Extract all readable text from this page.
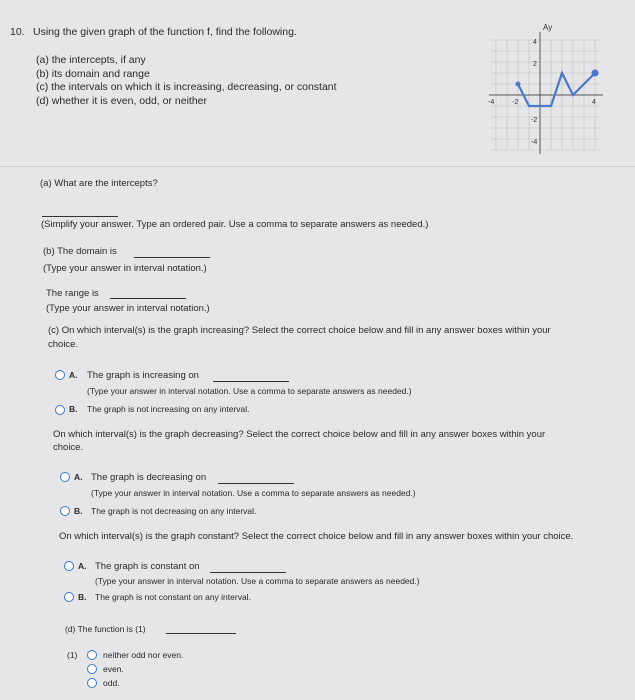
10. Using the given graph of the function f, find the following.
(a) the intercepts, if any
(b) its domain and range
(c) the intervals on which it is increasing, decreasing, or constant
(d) whether it is even, odd, or neither
Ay
4
2
-2
-4
-4	-2	4
(a) What are the intercepts?
(Simplify your answer. Type an ordered pair. Use a comma to separate answers as needed.)
(b) The domain is
(Type your answer in interval notation.)
The range is
(Type your answer in interval notation.)
(c) On which interval(s) is the graph increasing? Select the correct choice below and fill in any answer boxes within your
choice.
A. The graph is increasing on
(Type your answer in interval notation. Use a comma to separate answers as needed.)
B. The graph is not increasing on any interval.
On which interval(s) is the graph decreasing? Select the correct choice below and fill in any answer boxes within your
choice.
A. The graph is decreasing on
(Type your answer in interval notation. Use a comma to separate answers as needed.)
B. The graph is not decreasing on any interval.
On which interval(s) is the graph constant? Select the correct choice below and fill in any answer boxes within your choice.
A. The graph is constant on
(Type your answer in interval notation. Use a comma to separate answers as needed.)
B. The graph is not constant on any interval.
(d) The function is (1)
(1)	neither odd nor even.
even.
odd.
